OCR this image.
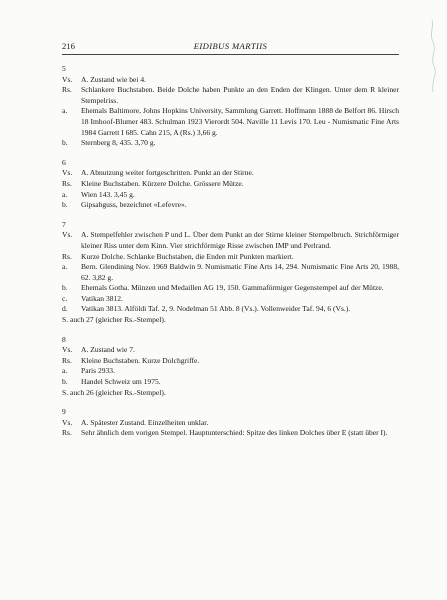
216	EIDIBUS MARTIIS
5
Vs.	A. Zustand wie bei 4.
Rs.	Schlankere Buchstaben. Beide Dolche haben Punkte an den Enden der Klingen. Unter dem R kleiner Stempelriss.
a.	Ehemals Baltimore, Johns Hopkins University, Sammlung Garrett. Hoffmann 1888 de Belfort 86. Hirsch 18 Imhoof-Blumer 483. Schulman 1923 Vierordt 504. Naville 11 Levis 170. Leu - Numismatic Fine Arts 1984 Garrett I 685. Cahn 215, A (Rs.) 3,66 g.
b.	Sternberg 8, 435. 3,70 g.
6
Vs.	A. Abnutzung weiter fortgeschritten. Punkt an der Stirne.
Rs.	Kleine Buchstaben. Kürzere Dolche. Grössere Mütze.
a.	Wien 143. 3,45 g.
b.	Gipsabguss, bezeichnet «Lefevre».
7
Vs.	A. Stempelfehler zwischen P und L. Über dem Punkt an der Stirne kleiner Stempelbruch. Strichförmiger kleiner Riss unter dem Kinn. Vier strichförmige Risse zwischen IMP und Perlrand.
Rs.	Kurze Dolche. Schlanke Buchstaben, die Enden mit Punkten markiert.
a.	Bern. Glendining Nov. 1969 Baldwin 9. Numismatic Fine Arts 14, 294. Numismatic Fine Arts 20, 1988, 62. 3,82 g.
b.	Ehemals Gotha. Münzen und Medaillen AG 19, 150. Gammaförmiger Gegenstempel auf der Mütze.
c.	Vatikan 3812.
d.	Vatikan 3813. Alföldi Taf. 2, 9. Nodelman 51 Abb. 8 (Vs.). Vollenweider Taf. 94, 6 (Vs.).
S. auch 27 (gleicher Rs.-Stempel).
8
Vs.	A. Zustand wie 7.
Rs.	Kleine Buchstaben. Kurze Dolchgriffe.
a.	Paris 2933.
b.	Handel Schweiz um 1975.
S. auch 26 (gleicher Rs.-Stempel).
9
Vs.	A. Spätester Zustand. Einzelheiten unklar.
Rs.	Sehr ähnlich dem vorigen Stempel. Hauptunterschied: Spitze des linken Dolches über E (statt über I).
